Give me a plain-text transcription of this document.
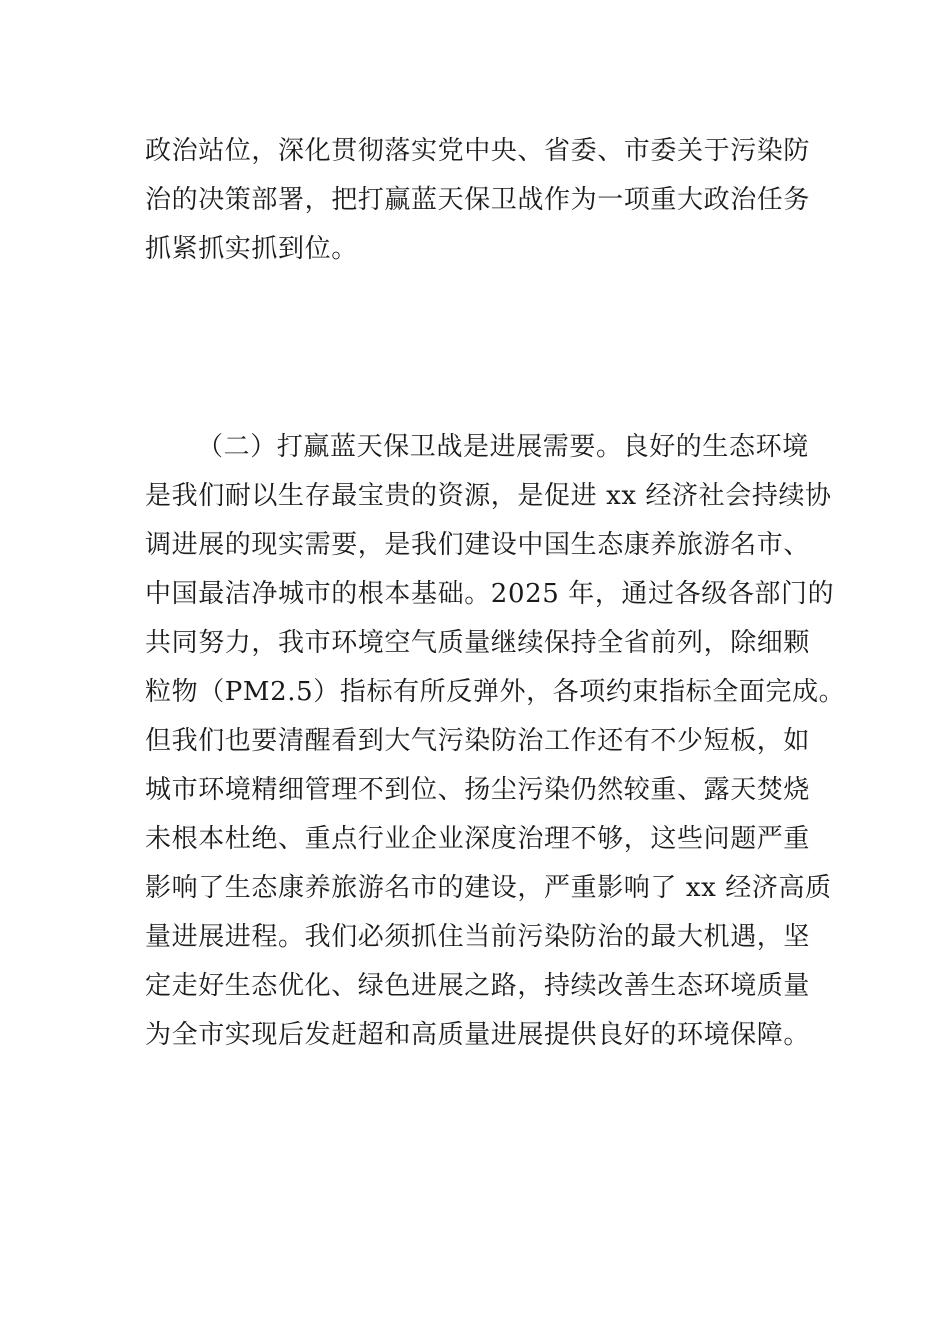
政治站位，深化贯彻落实党中央、省委、市委关于污染防
治的决策部署，把打赢蓝天保卫战作为一项重大政治任务
抓紧抓实抓到位。
（二）打赢蓝天保卫战是进展需要。良好的生态环境
是我们耐以生存最宝贵的资源，是促进 xx 经济社会持续协
调进展的现实需要，是我们建设中国生态康养旅游名市、
中国最洁净城市的根本基础。2025 年，通过各级各部门的
共同努力，我市环境空气质量继续保持全省前列，除细颗
粒物（PM2.5）指标有所反弹外，各项约束指标全面完成。
但我们也要清醒看到大气污染防治工作还有不少短板，如
城市环境精细管理不到位、扬尘污染仍然较重、露天焚烧
未根本杜绝、重点行业企业深度治理不够，这些问题严重
影响了生态康养旅游名市的建设，严重影响了 xx 经济高质
量进展进程。我们必须抓住当前污染防治的最大机遇，坚
定走好生态优化、绿色进展之路，持续改善生态环境质量
为全市实现后发赶超和高质量进展提供良好的环境保障。
